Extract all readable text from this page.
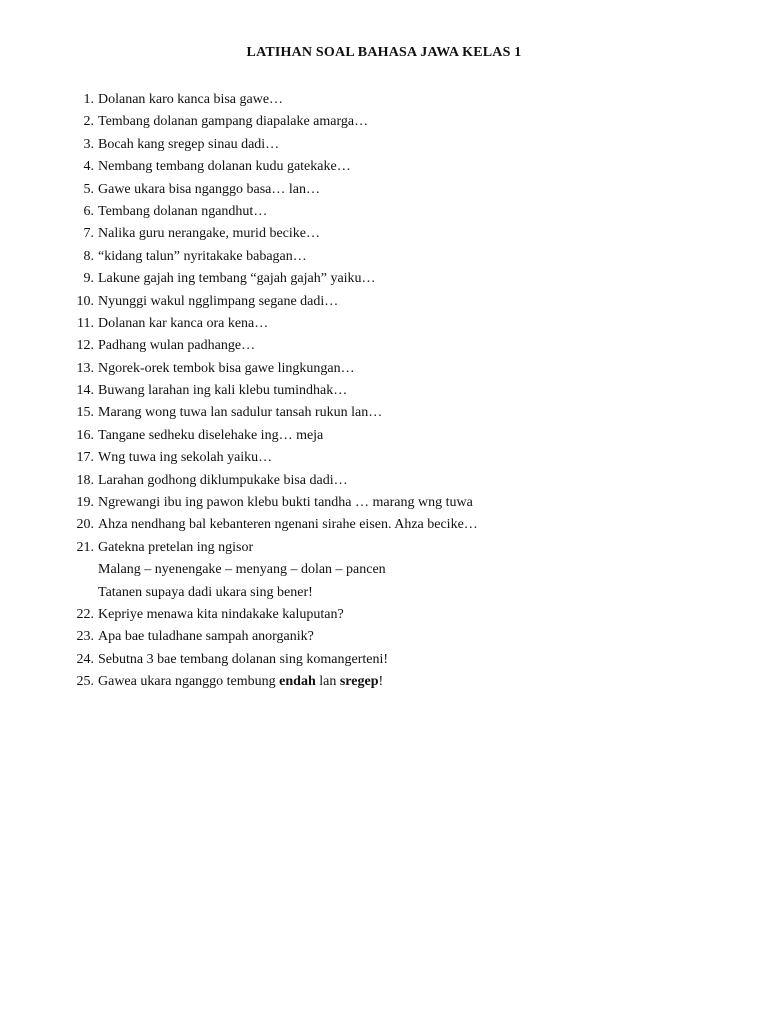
LATIHAN SOAL BAHASA JAWA KELAS 1
1. Dolanan karo kanca bisa gawe…
2. Tembang dolanan gampang diapalake amarga…
3. Bocah kang sregep sinau dadi…
4. Nembang tembang dolanan kudu gatekake…
5. Gawe ukara bisa nganggo basa… lan…
6. Tembang dolanan ngandhut…
7. Nalika guru nerangake, murid becike…
8. “kidang talun” nyritakake babagan…
9. Lakune gajah ing tembang “gajah gajah” yaiku…
10. Nyunggi wakul ngglimpang segane dadi…
11. Dolanan kar kanca ora kena…
12. Padhang wulan padhange…
13. Ngorek-orek tembok bisa gawe lingkungan…
14. Buwang larahan ing kali klebu tumindhak…
15. Marang wong tuwa lan sadulur tansah rukun lan…
16. Tangane sedheku diselehake ing… meja
17. Wng tuwa ing sekolah yaiku…
18. Larahan godhong diklumpukake bisa dadi…
19. Ngrewangi ibu ing pawon klebu bukti tandha … marang wng tuwa
20. Ahza nendhang bal kebanteren ngenani sirahe eisen. Ahza becike…
21. Gatekna pretelan ing ngisor
Malang – nyenengake – menyang – dolan – pancen
Tatanen supaya dadi ukara sing bener!
22. Kepriye menawa kita nindakake kaluputan?
23. Apa bae tuladhane sampah anorganik?
24. Sebutna 3 bae tembang dolanan sing komangerteni!
25. Gawea ukara nganggo tembung endah lan sregep!
